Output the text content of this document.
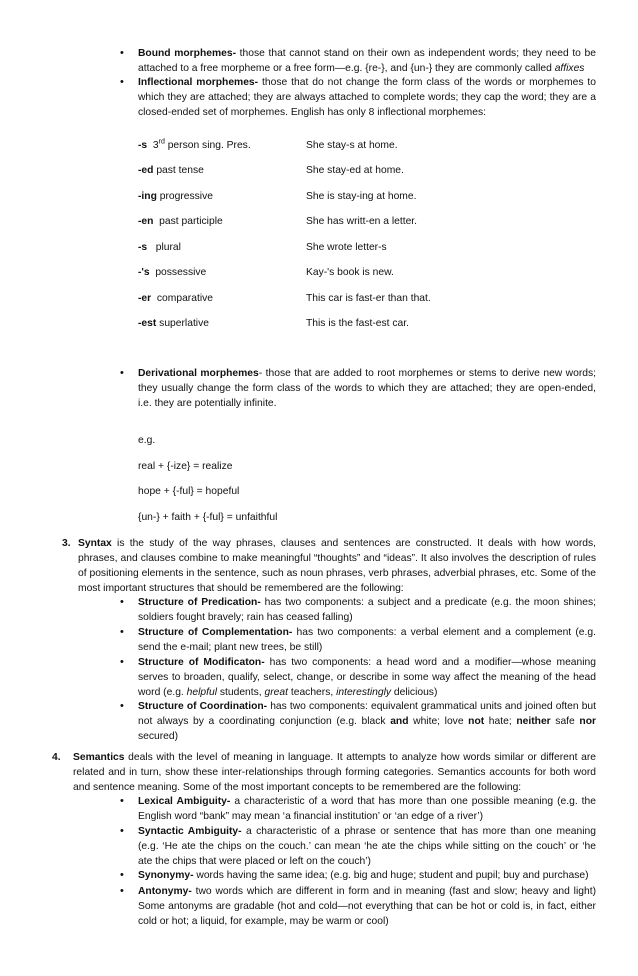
• Bound morphemes- those that cannot stand on their own as independent words; they need to be attached to a free morpheme or a free form—e.g. {re-}, and {un-} they are commonly called affixes
• Inflectional morphemes- those that do not change the form class of the words or morphemes to which they are attached; they are always attached to complete words; they cap the word; they are a closed-ended set of morphemes. English has only 8 inflectional morphemes:
-s  3rd person sing. Pres.	She stay-s at home.
-ed past tense	She stay-ed at home.
-ing progressive	She is stay-ing at home.
-en  past participle	She has writt-en a letter.
-s   plural	She wrote letter-s
-'s  possessive	Kay-'s book is new.
-er  comparative	This car is fast-er than that.
-est superlative	This is the fast-est car.
• Derivational morphemes- those that are added to root morphemes or stems to derive new words; they usually change the form class of the words to which they are attached; they are open-ended, i.e. they are potentially infinite.
e.g.
real + {-ize} = realize
hope + {-ful} = hopeful
{un-} + faith + {-ful} = unfaithful
3. Syntax is the study of the way phrases, clauses and sentences are constructed. It deals with how words, phrases, and clauses combine to make meaningful “thoughts” and “ideas”. It also involves the description of rules of positioning elements in the sentence, such as noun phrases, verb phrases, adverbial phrases, etc. Some of the most important structures that should be remembered are the following:
• Structure of Predication- has two components: a subject and a predicate (e.g. the moon shines; soldiers fought bravely; rain has ceased falling)
• Structure of Complementation- has two components: a verbal element and a complement (e.g. send the e-mail; plant new trees, be still)
• Structure of Modificaton- has two components: a head word and a modifier—whose meaning serves to broaden, qualify, select, change, or describe in some way affect the meaning of the head word (e.g. helpful students, great teachers, interestingly delicious)
• Structure of Coordination- has two components: equivalent grammatical units and joined often but not always by a coordinating conjunction (e.g. black and white; love not hate; neither safe nor secured)
4. Semantics deals with the level of meaning in language. It attempts to analyze how words similar or different are related and in turn, show these inter-relationships through forming categories. Semantics accounts for both word and sentence meaning. Some of the most important concepts to be remembered are the following:
• Lexical Ambiguity- a characteristic of a word that has more than one possible meaning (e.g. the English word “bank” may mean ‘a financial institution’ or ‘an edge of a river’)
• Syntactic Ambiguity- a characteristic of a phrase or sentence that has more than one meaning (e.g. ‘He ate the chips on the couch.’ can mean ‘he ate the chips while sitting on the couch’ or ‘he ate the chips that were placed or left on the couch’)
• Synonymy- words having the same idea; (e.g. big and huge; student and pupil; buy and purchase)
• Antonymy- two words which are different in form and in meaning (fast and slow; heavy and light) Some antonyms are gradable (hot and cold—not everything that can be hot or cold is, in fact, either cold or hot; a liquid, for example, may be warm or cool)
